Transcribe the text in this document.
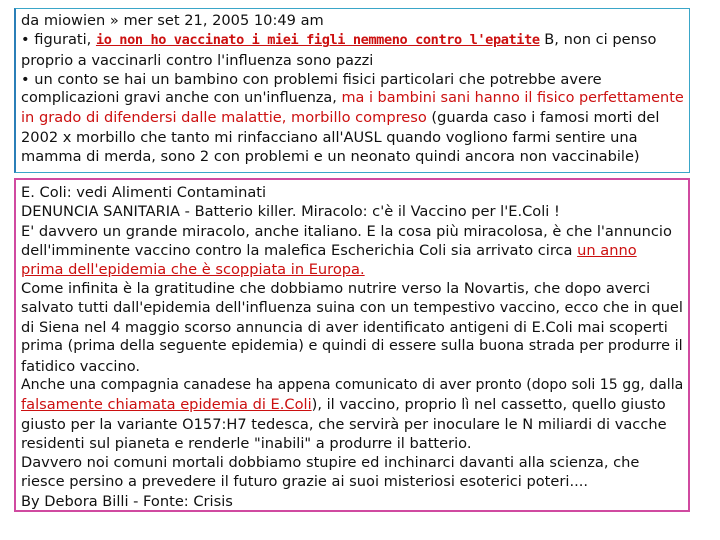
da miowien » mer set 21, 2005 10:49 am

• figurati, io non ho vaccinato i miei figli nemmeno contro l'epatite B, non ci penso

proprio a vaccinarli contro l'influenza sono pazzi

• un conto se hai un bambino con problemi fisici particolari che potrebbe avere

complicazioni gravi anche con un'influenza, ma i bambini sani hanno il fisico perfettamente

in grado di difendersi dalle malattie, morbillo compreso (guarda caso i famosi morti del

2002 x morbillo che tanto mi rinfacciano all'AUSL quando vogliono farmi sentire una

mamma di merda, sono 2 con problemi e un neonato quindi ancora non vaccinabile)

E. Coli: vedi Alimenti Contaminati

DENUNCIA SANITARIA - Batterio killer. Miracolo: c'è il Vaccino per l'E.Coli !

E' davvero un grande miracolo, anche italiano. E la cosa più miracolosa, è che l'annuncio

dell'imminente vaccino contro la malefica Escherichia Coli sia arrivato circa un anno

prima dell'epidemia che è scoppiata in Europa.

Come infinita è la gratitudine che dobbiamo nutrire verso la Novartis, che dopo averci

salvato tutti dall'epidemia dell'influenza suina con un tempestivo vaccino, ecco che in quel

di Siena nel 4 maggio scorso annuncia di aver identificato antigeni di E.Coli mai scoperti

prima (prima della seguente epidemia) e quindi di essere sulla buona strada per produrre il

fatidico vaccino.

Anche una compagnia canadese ha appena comunicato di aver pronto (dopo soli 15 gg, dalla

falsamente chiamata epidemia di E.Coli), il vaccino, proprio lì nel cassetto, quello giusto

giusto per la variante O157:H7 tedesca, che servirà per inoculare le N miliardi di vacche

residenti sul pianeta e renderle "inabili" a produrre il batterio.

Davvero noi comuni mortali dobbiamo stupire ed inchinarci davanti alla scienza, che

riesce persino a prevedere il futuro grazie ai suoi misteriosi esoterici poteri....

By Debora Billi - Fonte: Crisis
